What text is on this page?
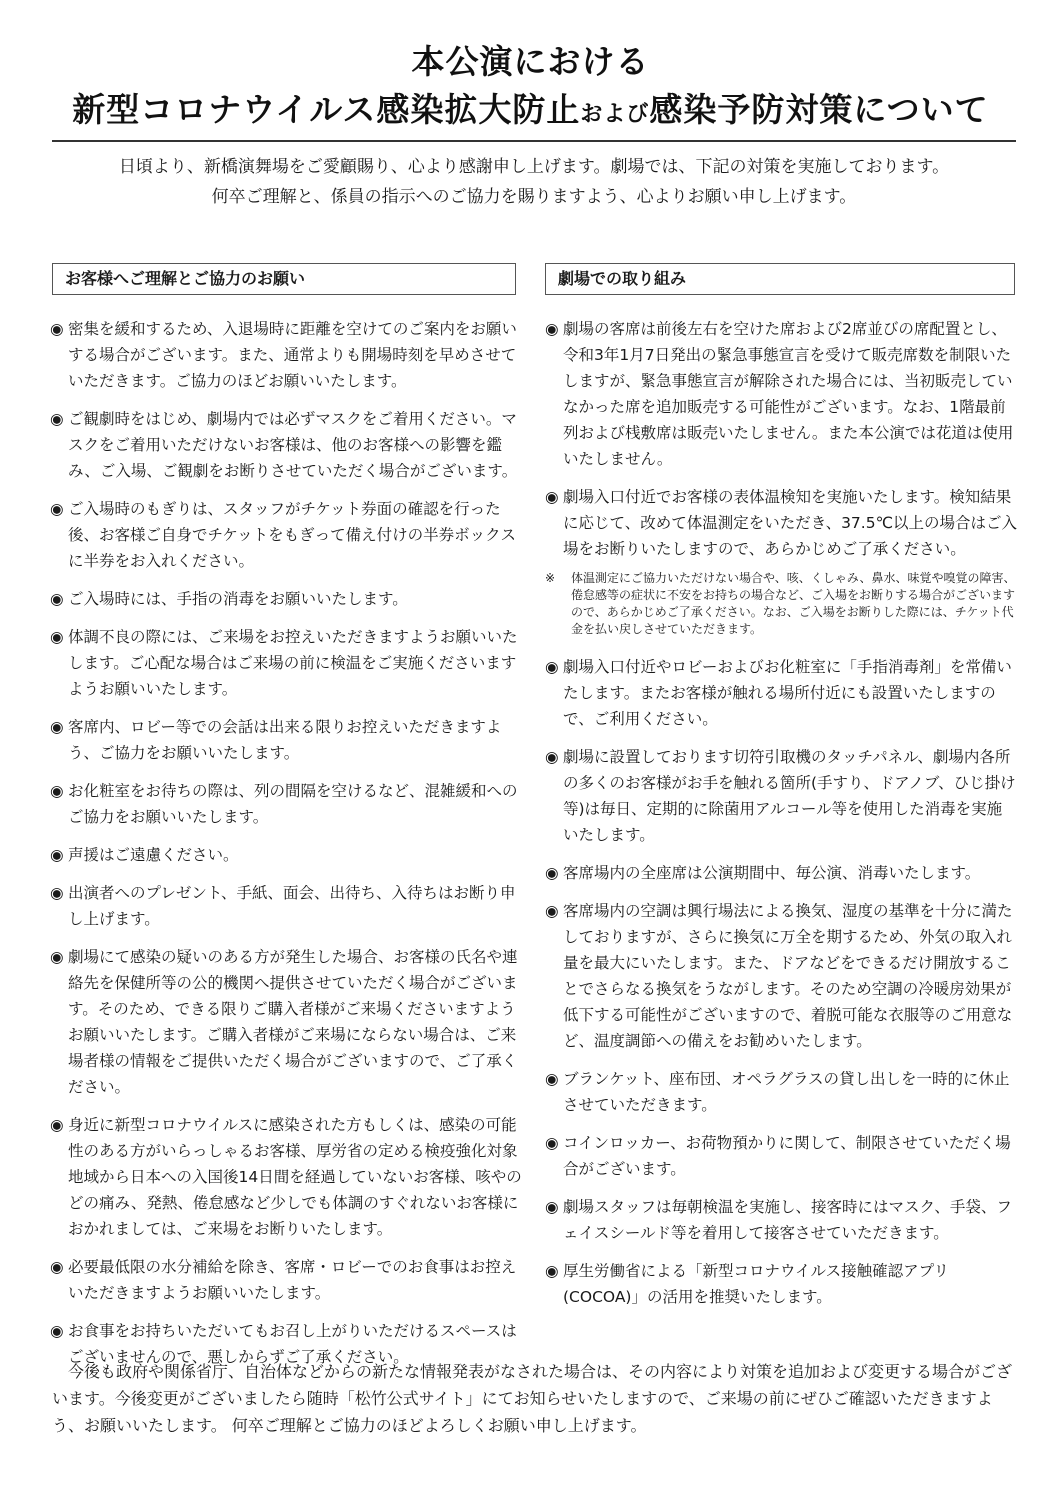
本公演における
新型コロナウイルス感染拡大防止および感染予防対策について

日頃より、新橋演舞場をご愛顧賜り、心より感謝申し上げます。劇場では、下記の対策を実施しております。

何卒ご理解と、係員の指示へのご協力を賜りますよう、心よりお願い申し上げます。

お客様へご理解とご協力のお願い	劇場での取り組み
◉ 密集を緩和するため、入退場時に距離を空けてのご案内をお願いする場合がございます。また、通常よりも開場時刻を早めさせていただきます。ご協力のほどお願いいたします。
◉ ご観劇時をはじめ、劇場内では必ずマスクをご着用ください。マスクをご着用いただけないお客様は、他のお客様への影響を鑑み、ご入場、ご観劇をお断りさせていただく場合がございます。
◉ ご入場時のもぎりは、スタッフがチケット券面の確認を行った後、お客様ご自身でチケットをもぎって備え付けの半券ボックスに半券をお入れください。
◉ ご入場時には、手指の消毒をお願いいたします。
◉ 体調不良の際には、ご来場をお控えいただきますようお願いいたします。ご心配な場合はご来場の前に検温をご実施くださいますようお願いいたします。
◉ 客席内、ロビー等での会話は出来る限りお控えいただきますよう、ご協力をお願いいたします。
◉ お化粧室をお待ちの際は、列の間隔を空けるなど、混雑緩和へのご協力をお願いいたします。
◉ 声援はご遠慮ください。
◉ 出演者へのプレゼント、手紙、面会、出待ち、入待ちはお断り申し上げます。
◉ 劇場にて感染の疑いのある方が発生した場合、お客様の氏名や連絡先を保健所等の公的機関へ提供させていただく場合がございます。そのため、できる限りご購入者様がご来場くださいますようお願いいたします。ご購入者様がご来場にならない場合は、ご来場者様の情報をご提供いただく場合がございますので、ご了承ください。
◉ 身近に新型コロナウイルスに感染された方もしくは、感染の可能性のある方がいらっしゃるお客様、厚労省の定める検疫強化対象地域から日本への入国後14日間を経過していないお客様、咳やのどの痛み、発熱、倦怠感など少しでも体調のすぐれないお客様におかれましては、ご来場をお断りいたします。
◉ 必要最低限の水分補給を除き、客席・ロビーでのお食事はお控えいただきますようお願いいたします。
◉ お食事をお持ちいただいてもお召し上がりいただけるスペースはございませんので、悪しからずご了承ください。
◉ 劇場の客席は前後左右を空けた席および2席並びの席配置とし、令和3年1月7日発出の緊急事態宣言を受けて販売席数を制限いたしますが、緊急事態宣言が解除された場合には、当初販売していなかった席を追加販売する可能性がございます。なお、1階最前列および桟敷席は販売いたしません。また本公演では花道は使用いたしません。
◉ 劇場入口付近でお客様の表体温検知を実施いたします。検知結果に応じて、改めて体温測定をいただき、37.5℃以上の場合はご入場をお断りいたしますので、あらかじめご了承ください。
※ 体温測定にご協力いただけない場合や、咳、くしゃみ、鼻水、味覚や嗅覚の障害、倦怠感等の症状に不安をお持ちの場合など、ご入場をお断りする場合がございますので、あらかじめご了承ください。なお、ご入場をお断りした際には、チケット代金を払い戻しさせていただきます。
◉ 劇場入口付近やロビーおよびお化粧室に「手指消毒剤」を常備いたします。またお客様が触れる場所付近にも設置いたしますので、ご利用ください。
◉ 劇場に設置しております切符引取機のタッチパネル、劇場内各所の多くのお客様がお手を触れる箇所(手すり、ドアノブ、ひじ掛け等)は毎日、定期的に除菌用アルコール等を使用した消毒を実施いたします。
◉ 客席場内の全座席は公演期間中、毎公演、消毒いたします。
◉ 客席場内の空調は興行場法による換気、湿度の基準を十分に満たしておりますが、さらに換気に万全を期するため、外気の取入れ量を最大にいたします。また、ドアなどをできるだけ開放することでさらなる換気をうながします。そのため空調の冷暖房効果が低下する可能性がございますので、着脱可能な衣服等のご用意など、温度調節への備えをお勧めいたします。
◉ ブランケット、座布団、オペラグラスの貸し出しを一時的に休止させていただきます。
◉ コインロッカー、お荷物預かりに関して、制限させていただく場合がございます。
◉ 劇場スタッフは毎朝検温を実施し、接客時にはマスク、手袋、フェイスシールド等を着用して接客させていただきます。
◉ 厚生労働省による「新型コロナウイルス接触確認アプリ(COCOA)」の活用を推奨いたします。
今後も政府や関係省庁、自治体などからの新たな情報発表がなされた場合は、その内容により対策を追加および変更する場合がございます。今後変更がございましたら随時「松竹公式サイト」にてお知らせいたしますので、ご来場の前にぜひご確認いただきますよう、お願いいたします。 何卒ご理解とご協力のほどよろしくお願い申し上げます。
